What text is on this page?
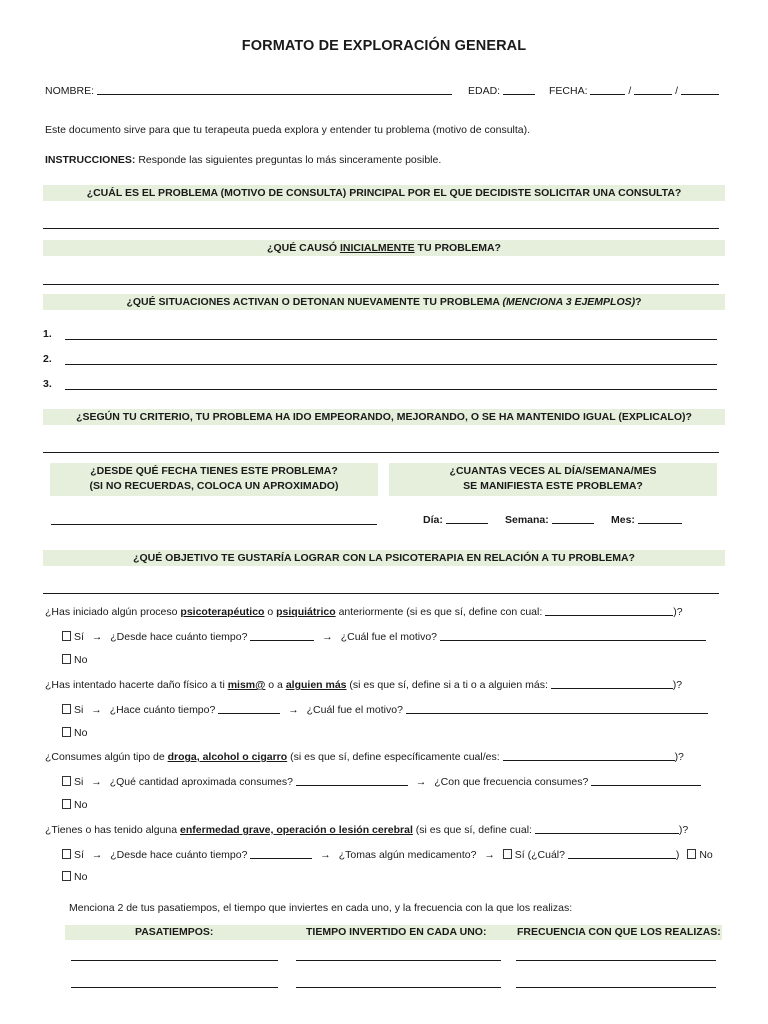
FORMATO DE EXPLORACIÓN GENERAL
NOMBRE:	EDAD:	FECHA:	/	/
Este documento sirve para que tu terapeuta pueda explora y entender tu problema (motivo de consulta).
INSTRUCCIONES: Responde las siguientes preguntas lo más sinceramente posible.
¿CUÁL ES EL PROBLEMA (MOTIVO DE CONSULTA) PRINCIPAL POR EL QUE DECIDISTE SOLICITAR UNA CONSULTA?
¿QUÉ CAUSÓ INICIALMENTE TU PROBLEMA?
¿QUÉ SITUACIONES ACTIVAN O DETONAN NUEVAMENTE TU PROBLEMA (MENCIONA 3 EJEMPLOS)?
1.
2.
3.
¿SEGÚN TU CRITERIO, TU PROBLEMA HA IDO EMPEORANDO, MEJORANDO, O SE HA MANTENIDO IGUAL (EXPLICALO)?
¿DESDE QUÉ FECHA TIENES ESTE PROBLEMA?
(SI NO RECUERDAS, COLOCA UN APROXIMADO)
¿CUANTAS VECES AL DÍA/SEMANA/MES
SE MANIFIESTA ESTE PROBLEMA?
Día:	Semana:	Mes:
¿QUÉ OBJETIVO TE GUSTARÍA LOGRAR CON LA PSICOTERAPIA EN RELACIÓN A TU PROBLEMA?
¿Has iniciado algún proceso psicoterapéutico o psiquiátrico anteriormente (si es que sí, define con cual:	)?
Sí → ¿Desde hace cuánto tiempo?	→ ¿Cuál fue el motivo?
No
¿Has intentado hacerte daño físico a ti mism@ o a alguien más (si es que sí, define si a ti o a alguien más:	)?
Si → ¿Hace cuánto tiempo?	→ ¿Cuál fue el motivo?
No
¿Consumes algún tipo de droga, alcohol o cigarro (si es que sí, define específicamente cual/es:	)?
Si → ¿Qué cantidad aproximada consumes?	→ ¿Con que frecuencia consumes?
No
¿Tienes o has tenido alguna enfermedad grave, operación o lesión cerebral (si es que sí, define cual:	)?
Sí → ¿Desde hace cuánto tiempo?	→ ¿Tomas algún medicamento? → Sí (¿Cuál?	) No
No
Menciona 2 de tus pasatiempos, el tiempo que inviertes en cada uno, y la frecuencia con la que los realizas:
PASATIEMPOS:	TIEMPO INVERTIDO EN CADA UNO:	FRECUENCIA CON QUE LOS REALIZAS:
